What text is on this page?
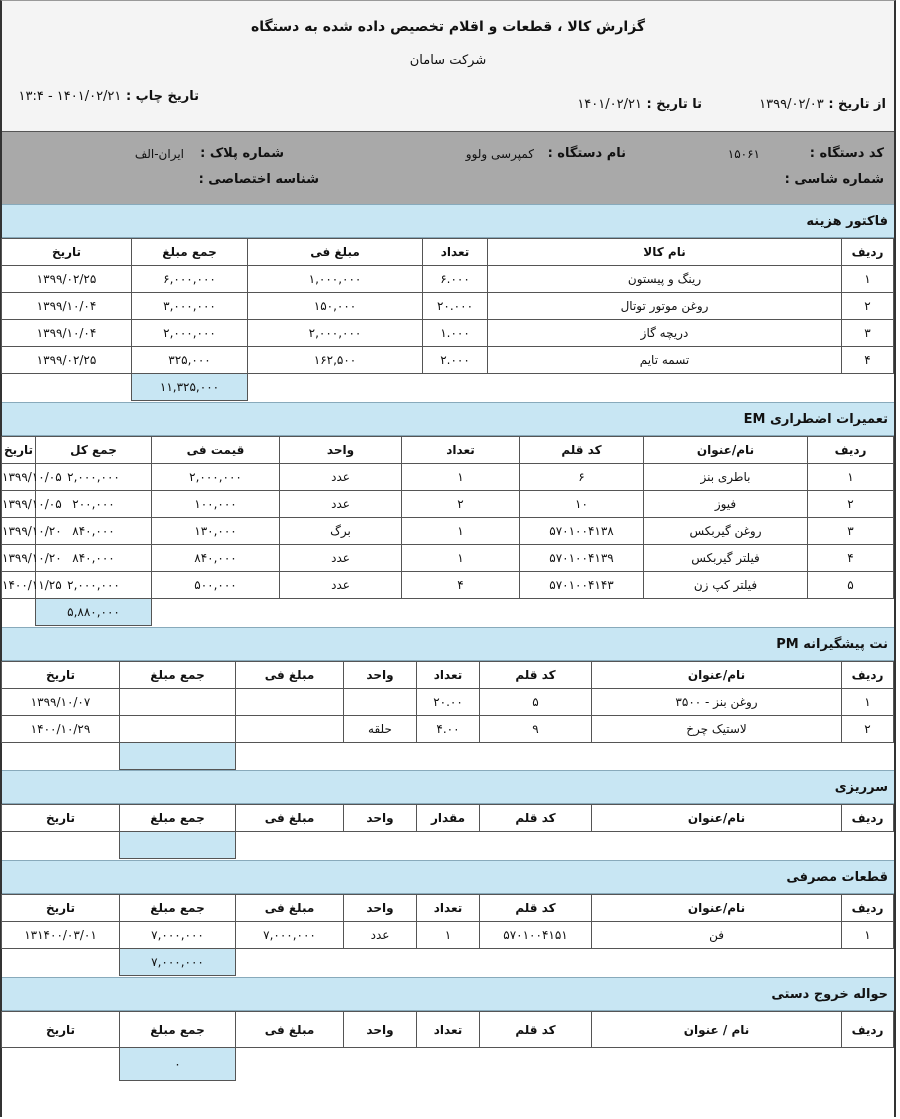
گزارش کالا ، قطعات و اقلام تخصیص داده شده به دستگاه
شرکت سامان
از تاریخ : ۱۳۹۹/۰۲/۰۳
تا تاریخ : ۱۴۰۱/۰۲/۲۱
تاریخ چاپ : ۱۴۰۱/۰۲/۲۱ - ۱۳:۴
کد دستگاه :
۱۵۰۶۱
نام دستگاه :
کمپرسی ولوو
شماره پلاک :
ایران-الف
شماره شاسی :
شناسه اختصاصی :
فاکتور هزینه
ردیف	نام کالا	تعداد	مبلغ فی	جمع مبلغ	تاریخ
۱	رینگ و پیستون	۶.۰۰۰	۱,۰۰۰,۰۰۰	۶,۰۰۰,۰۰۰	۱۳۹۹/۰۲/۲۵
۲	روغن موتور توتال	۲۰.۰۰۰	۱۵۰,۰۰۰	۳,۰۰۰,۰۰۰	۱۳۹۹/۱۰/۰۴
۳	دریچه گاز	۱.۰۰۰	۲,۰۰۰,۰۰۰	۲,۰۰۰,۰۰۰	۱۳۹۹/۱۰/۰۴
۴	تسمه تایم	۲.۰۰۰	۱۶۲,۵۰۰	۳۲۵,۰۰۰	۱۳۹۹/۰۲/۲۵
				۱۱,۳۲۵,۰۰۰	
تعمیرات اضطراری EM
ردیف	نام/عنوان	کد قلم	تعداد	واحد	قیمت فی	جمع کل	تاریخ
۱	باطری بنز	۶	۱	عدد	۲,۰۰۰,۰۰۰	۲,۰۰۰,۰۰۰	۱۳۹۹/۱۰/۰۵
۲	فیوز	۱۰	۲	عدد	۱۰۰,۰۰۰	۲۰۰,۰۰۰	۱۳۹۹/۱۰/۰۵
۳	روغن گیربکس	۵۷۰۱۰۰۴۱۳۸	۱	برگ	۱۳۰,۰۰۰	۸۴۰,۰۰۰	۱۳۹۹/۱۰/۲۰
۴	فیلتر گیربکس	۵۷۰۱۰۰۴۱۳۹	۱	عدد	۸۴۰,۰۰۰	۸۴۰,۰۰۰	۱۳۹۹/۱۰/۲۰
۵	فیلتر کپ زن	۵۷۰۱۰۰۴۱۴۳	۴	عدد	۵۰۰,۰۰۰	۲,۰۰۰,۰۰۰	۱۴۰۰/۱۱/۲۵
						۵,۸۸۰,۰۰۰	
نت پیشگیرانه PM
ردیف	نام/عنوان	کد قلم	تعداد	واحد	مبلغ فی	جمع مبلغ	تاریخ
۱	روغن بنز - ۳۵۰۰	۵	۲۰.۰۰				۱۳۹۹/۱۰/۰۷
۲	لاستیک چرخ	۹	۴.۰۰	حلقه			۱۴۰۰/۱۰/۲۹

سرریزی
ردیف	نام/عنوان	کد قلم	مقدار	واحد	مبلغ فی	جمع مبلغ	تاریخ

قطعات مصرفی
ردیف	نام/عنوان	کد قلم	تعداد	واحد	مبلغ فی	جمع مبلغ	تاریخ
۱	فن	۵۷۰۱۰۰۴۱۵۱	۱	عدد	۷,۰۰۰,۰۰۰	۷,۰۰۰,۰۰۰	۱۳۱۴۰۰/۰۳/۰۱
						۷,۰۰۰,۰۰۰	
حواله خروج دستی
ردیف	نام / عنوان	کد قلم	تعداد	واحد	مبلغ فی	جمع مبلغ	تاریخ
						۰	
